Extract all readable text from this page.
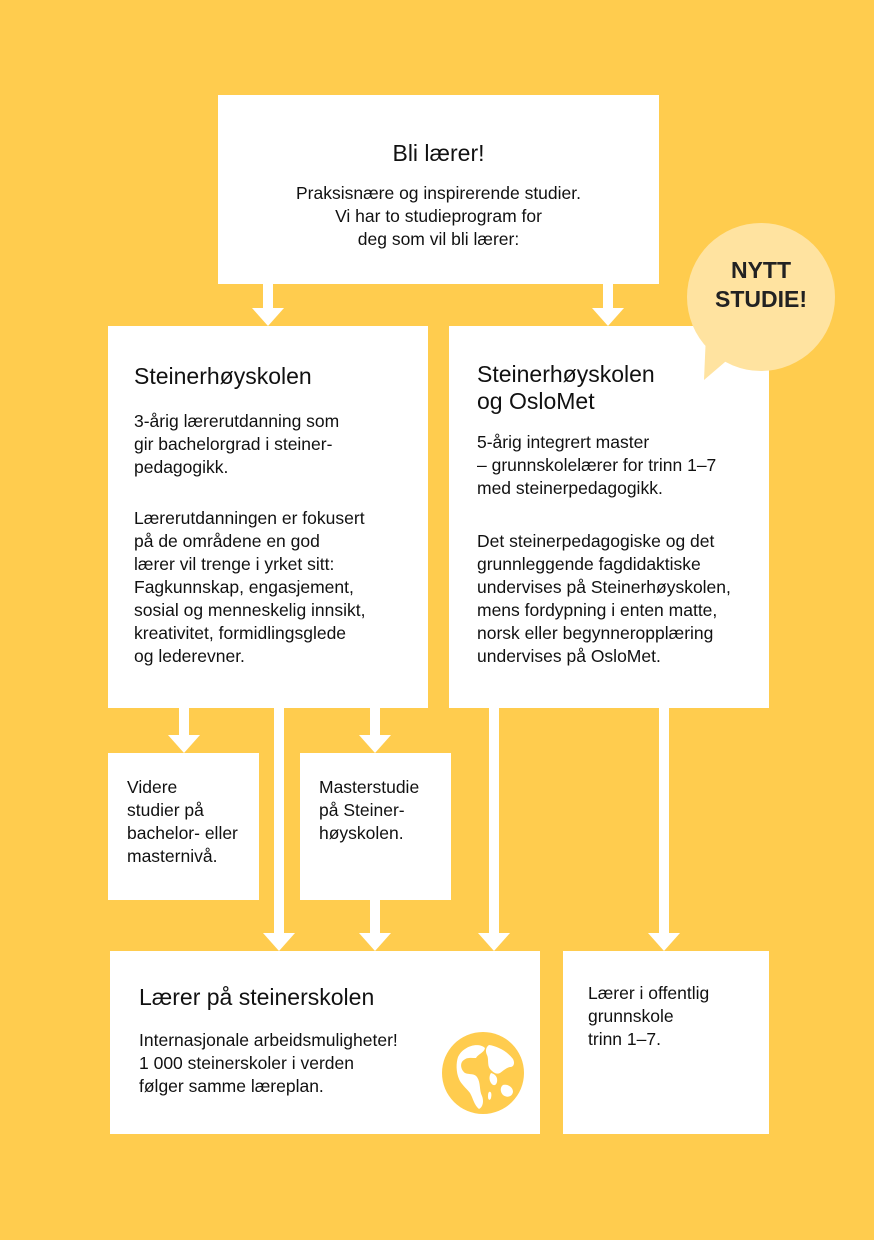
Bli lærer!
Praksisnære og inspirerende studier.
Vi har to studieprogram for
deg som vil bli lærer:
Steinerhøyskolen
3-årig lærerutdanning som
gir bachelorgrad i steiner-
pedagogikk.
Lærerutdanningen er fokusert
på de områdene en god
lærer vil trenge i yrket sitt:
Fagkunnskap, engasjement,
sosial og menneskelig innsikt,
kreativitet, formidlingsglede
og lederevner.
Steinerhøyskolen
og OsloMet
5-årig integrert master
– grunnskolelærer for trinn 1–7
med steinerpedagogikk.
Det steinerpedagogiske og det
grunnleggende fagdidaktiske
undervises på Steinerhøyskolen,
mens fordypning i enten matte,
norsk eller begynneropplæring
undervises på OsloMet.
NYTT
STUDIE!
Videre
studier på
bachelor- eller
masternivå.
Masterstudie
på Steiner-
høyskolen.
Lærer på steinerskolen
Internasjonale arbeidsmuligheter!
1 000 steinerskoler i verden
følger samme læreplan.
Lærer i offentlig
grunnskole
trinn 1–7.
